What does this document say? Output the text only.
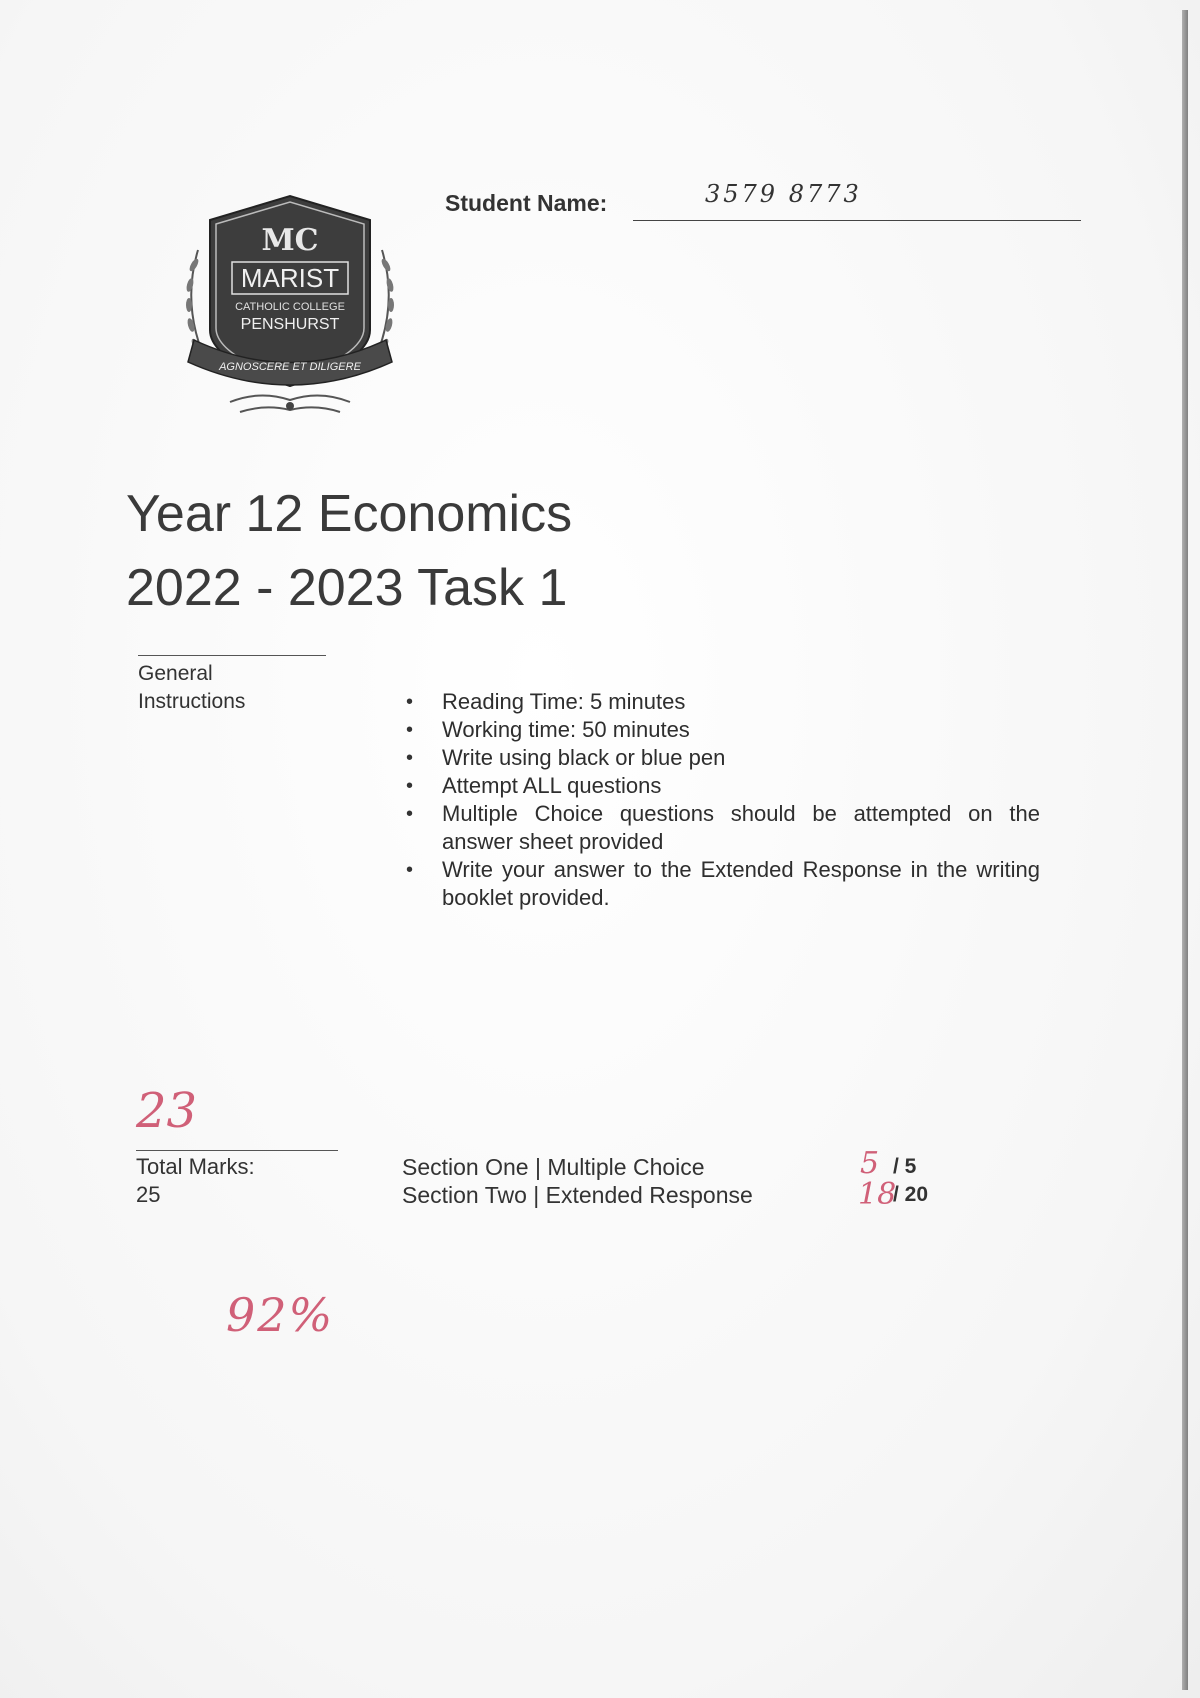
Student Name:	3579 8773
MC
MARIST
CATHOLIC COLLEGE
PENSHURST
AGNOSCERE ET DILIGERE
Year 12 Economics
2022 - 2023 Task 1
General Instructions
•	Reading Time: 5 minutes
• Working time: 50 minutes
• Write using black or blue pen
• Attempt ALL questions
• Multiple Choice questions should be attempted on the answer sheet provided
• Write your answer to the Extended Response in the writing booklet provided.
23
Total Marks:
25
Section One | Multiple Choice
Section Two | Extended Response
5
18
/ 5
/ 20
92%
